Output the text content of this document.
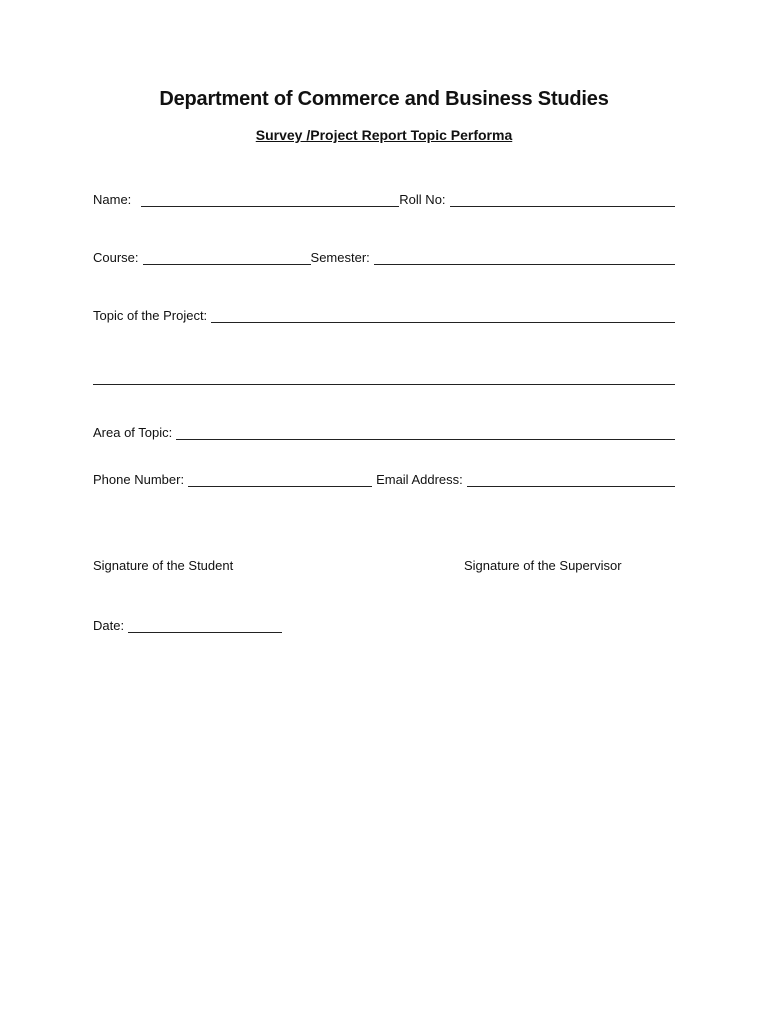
Department of Commerce and Business Studies
Survey /Project Report Topic Performa
Name:	Roll No:
Course:	Semester:
Topic of the Project:
Area of Topic:
Phone Number:	Email Address:
Signature of the Student	Signature of the Supervisor
Date:
